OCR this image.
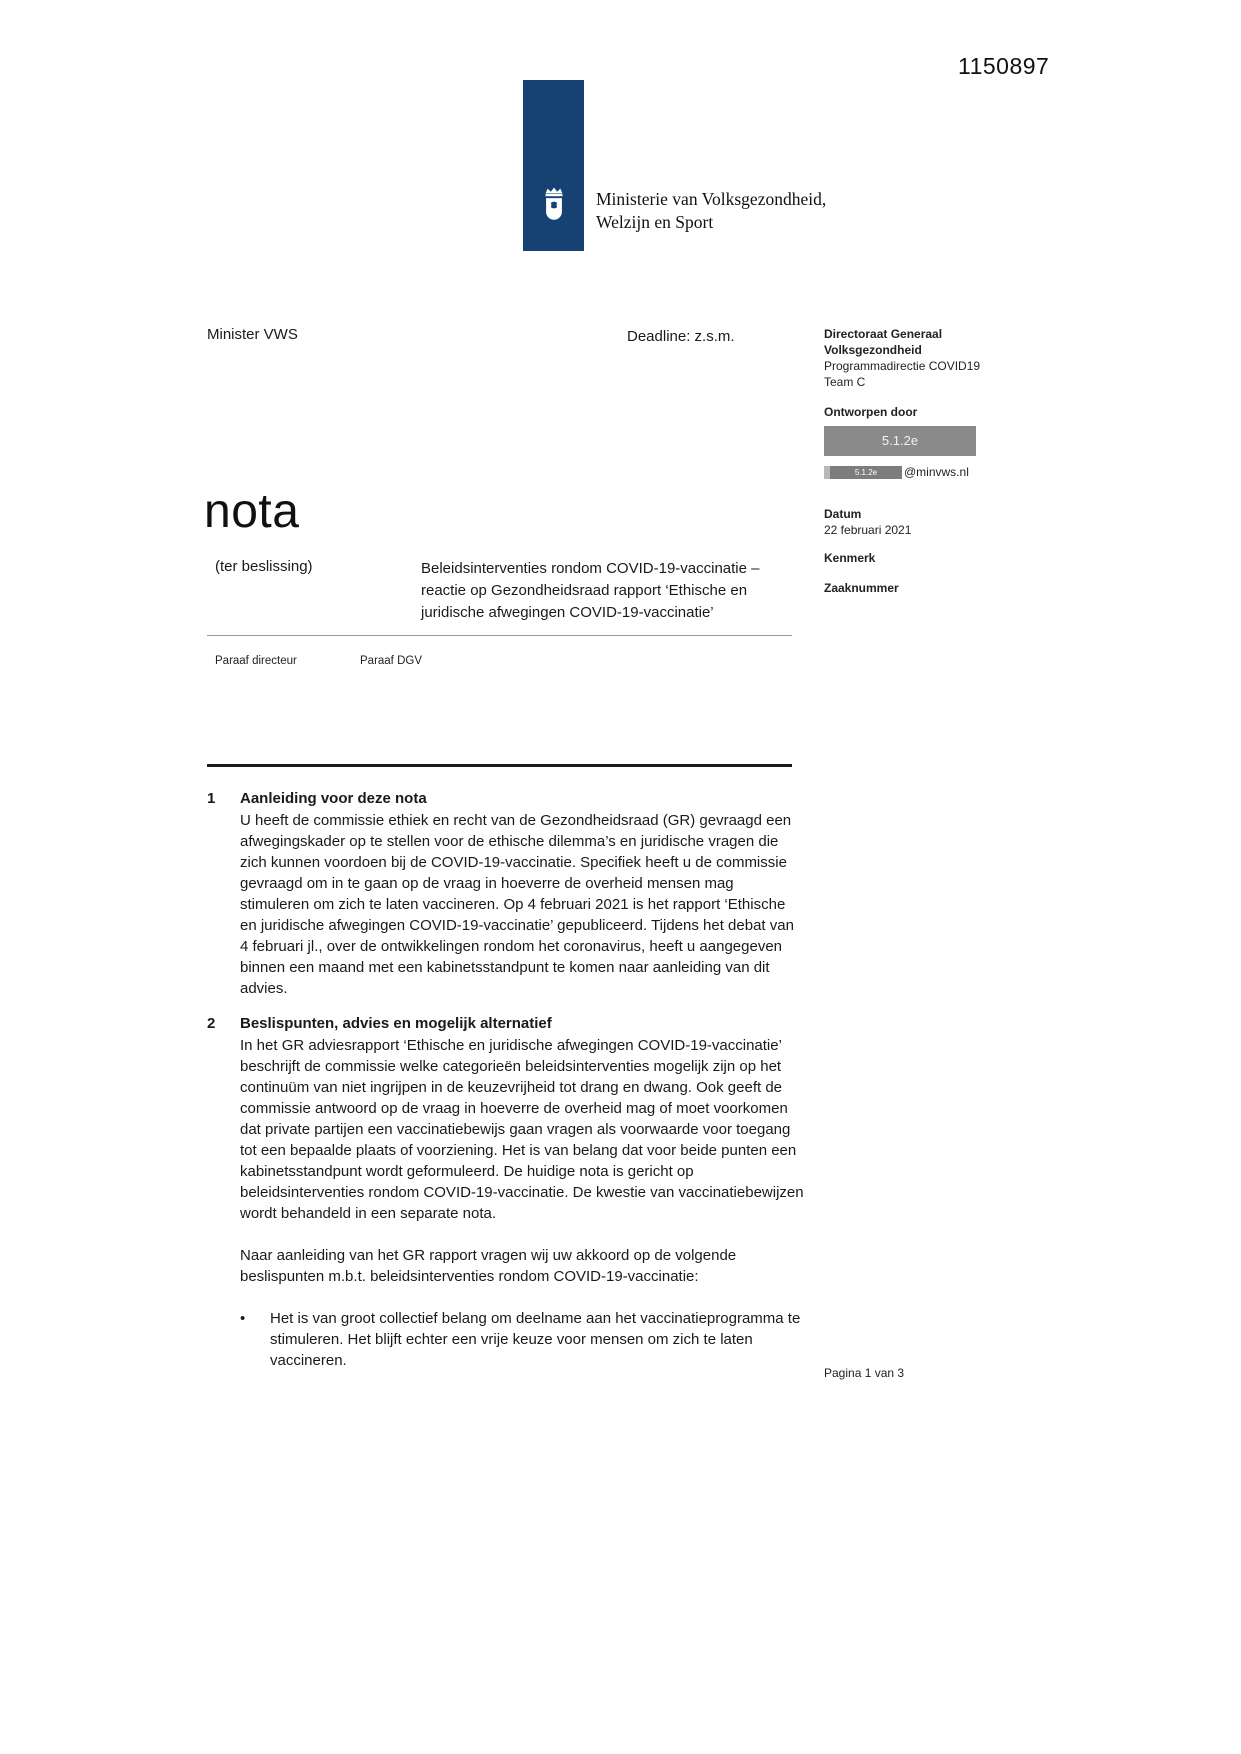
1150897
Ministerie van Volksgezondheid,
Welzijn en Sport
Minister VWS	Deadline: z.s.m.	Directoraat Generaal
Volksgezondheid
Programmadirectie COVID19
Team C
Ontworpen door
5.1.2e
5.1.2e	@minvws.nl
Datum
22 februari 2021
Kenmerk
Zaaknummer
nota
(ter beslissing)	Beleidsinterventies rondom COVID-19-vaccinatie – reactie op Gezondheidsraad rapport ‘Ethische en juridische afwegingen COVID-19-vaccinatie’
Paraaf directeur	Paraaf DGV
1	Aanleiding voor deze nota
U heeft de commissie ethiek en recht van de Gezondheidsraad (GR) gevraagd een afwegingskader op te stellen voor de ethische dilemma’s en juridische vragen die zich kunnen voordoen bij de COVID-19-vaccinatie. Specifiek heeft u de commissie gevraagd om in te gaan op de vraag in hoeverre de overheid mensen mag stimuleren om zich te laten vaccineren. Op 4 februari 2021 is het rapport ‘Ethische en juridische afwegingen COVID-19-vaccinatie’ gepubliceerd. Tijdens het debat van 4 februari jl., over de ontwikkelingen rondom het coronavirus, heeft u aangegeven binnen een maand met een kabinetsstandpunt te komen naar aanleiding van dit advies.
2	Beslispunten, advies en mogelijk alternatief
In het GR adviesrapport ‘Ethische en juridische afwegingen COVID-19-vaccinatie’ beschrijft de commissie welke categorieën beleidsinterventies mogelijk zijn op het continuüm van niet ingrijpen in de keuzevrijheid tot drang en dwang. Ook geeft de commissie antwoord op de vraag in hoeverre de overheid mag of moet voorkomen dat private partijen een vaccinatiebewijs gaan vragen als voorwaarde voor toegang tot een bepaalde plaats of voorziening. Het is van belang dat voor beide punten een kabinetsstandpunt wordt geformuleerd. De huidige nota is gericht op beleidsinterventies rondom COVID-19-vaccinatie. De kwestie van vaccinatiebewijzen wordt behandeld in een separate nota.

Naar aanleiding van het GR rapport vragen wij uw akkoord op de volgende beslispunten m.b.t. beleidsinterventies rondom COVID-19-vaccinatie:

•
Het is van groot collectief belang om deelname aan het vaccinatieprogramma te stimuleren. Het blijft echter een vrije keuze voor mensen om zich te laten vaccineren.
Pagina 1 van 3
